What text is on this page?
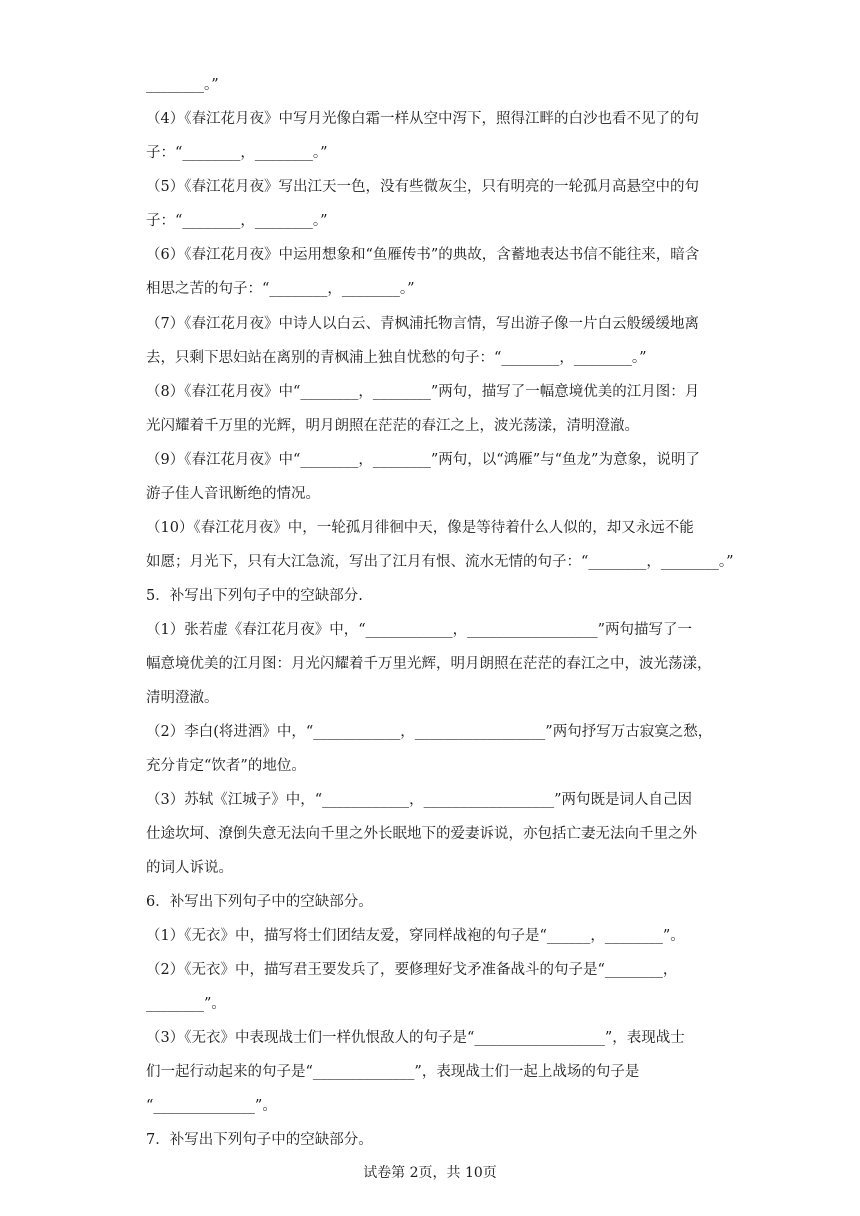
________。”
（4）《春江花月夜》中写月光像白霜一样从空中泻下，照得江畔的白沙也看不见了的句
子：“________，________。”
（5）《春江花月夜》写出江天一色，没有些微灰尘，只有明亮的一轮孤月高悬空中的句
子：“________，________。”
（6）《春江花月夜》中运用想象和“鱼雁传书”的典故，含蓄地表达书信不能往来，暗含
相思之苦的句子：“________，________。”
（7）《春江花月夜》中诗人以白云、青枫浦托物言情，写出游子像一片白云般缓缓地离
去，只剩下思妇站在离别的青枫浦上独自忧愁的句子：“________，________。”
（8）《春江花月夜》中“________，________”两句，描写了一幅意境优美的江月图：月
光闪耀着千万里的光辉，明月朗照在茫茫的春江之上，波光荡漾，清明澄澈。
（9）《春江花月夜》中“________，________”两句，以“鸿雁”与“鱼龙”为意象，说明了
游子佳人音讯断绝的情况。
（10）《春江花月夜》中，一轮孤月徘徊中天，像是等待着什么人似的，却又永远不能
如愿；月光下，只有大江急流，写出了江月有恨、流水无情的句子：“________，________。”
5．补写出下列句子中的空缺部分.
（1）张若虚《春江花月夜》中，“____________，__________________”两句描写了一
幅意境优美的江月图：月光闪耀着千万里光辉，明月朗照在茫茫的春江之中，波光荡漾，
清明澄澈。
（2）李白(将进酒》中，“____________，__________________”两句抒写万古寂寞之愁，
充分肯定“饮者”的地位。
（3）苏轼《江城子》中，“____________，__________________”两句既是词人自己因
仕途坎坷、潦倒失意无法向千里之外长眠地下的爱妻诉说，亦包括亡妻无法向千里之外
的词人诉说。
6．补写出下列句子中的空缺部分。
（1）《无衣》中，描写将士们团结友爱，穿同样战袍的句子是“______，________”。
（2）《无衣》中，描写君王要发兵了，要修理好戈矛准备战斗的句子是“________，
________”。
（3）《无衣》中表现战士们一样仇恨敌人的句子是“__________________”，表现战士
们一起行动起来的句子是“______________”，表现战士们一起上战场的句子是
“______________”。
7．补写出下列句子中的空缺部分。
试卷第 2页，共 10页
